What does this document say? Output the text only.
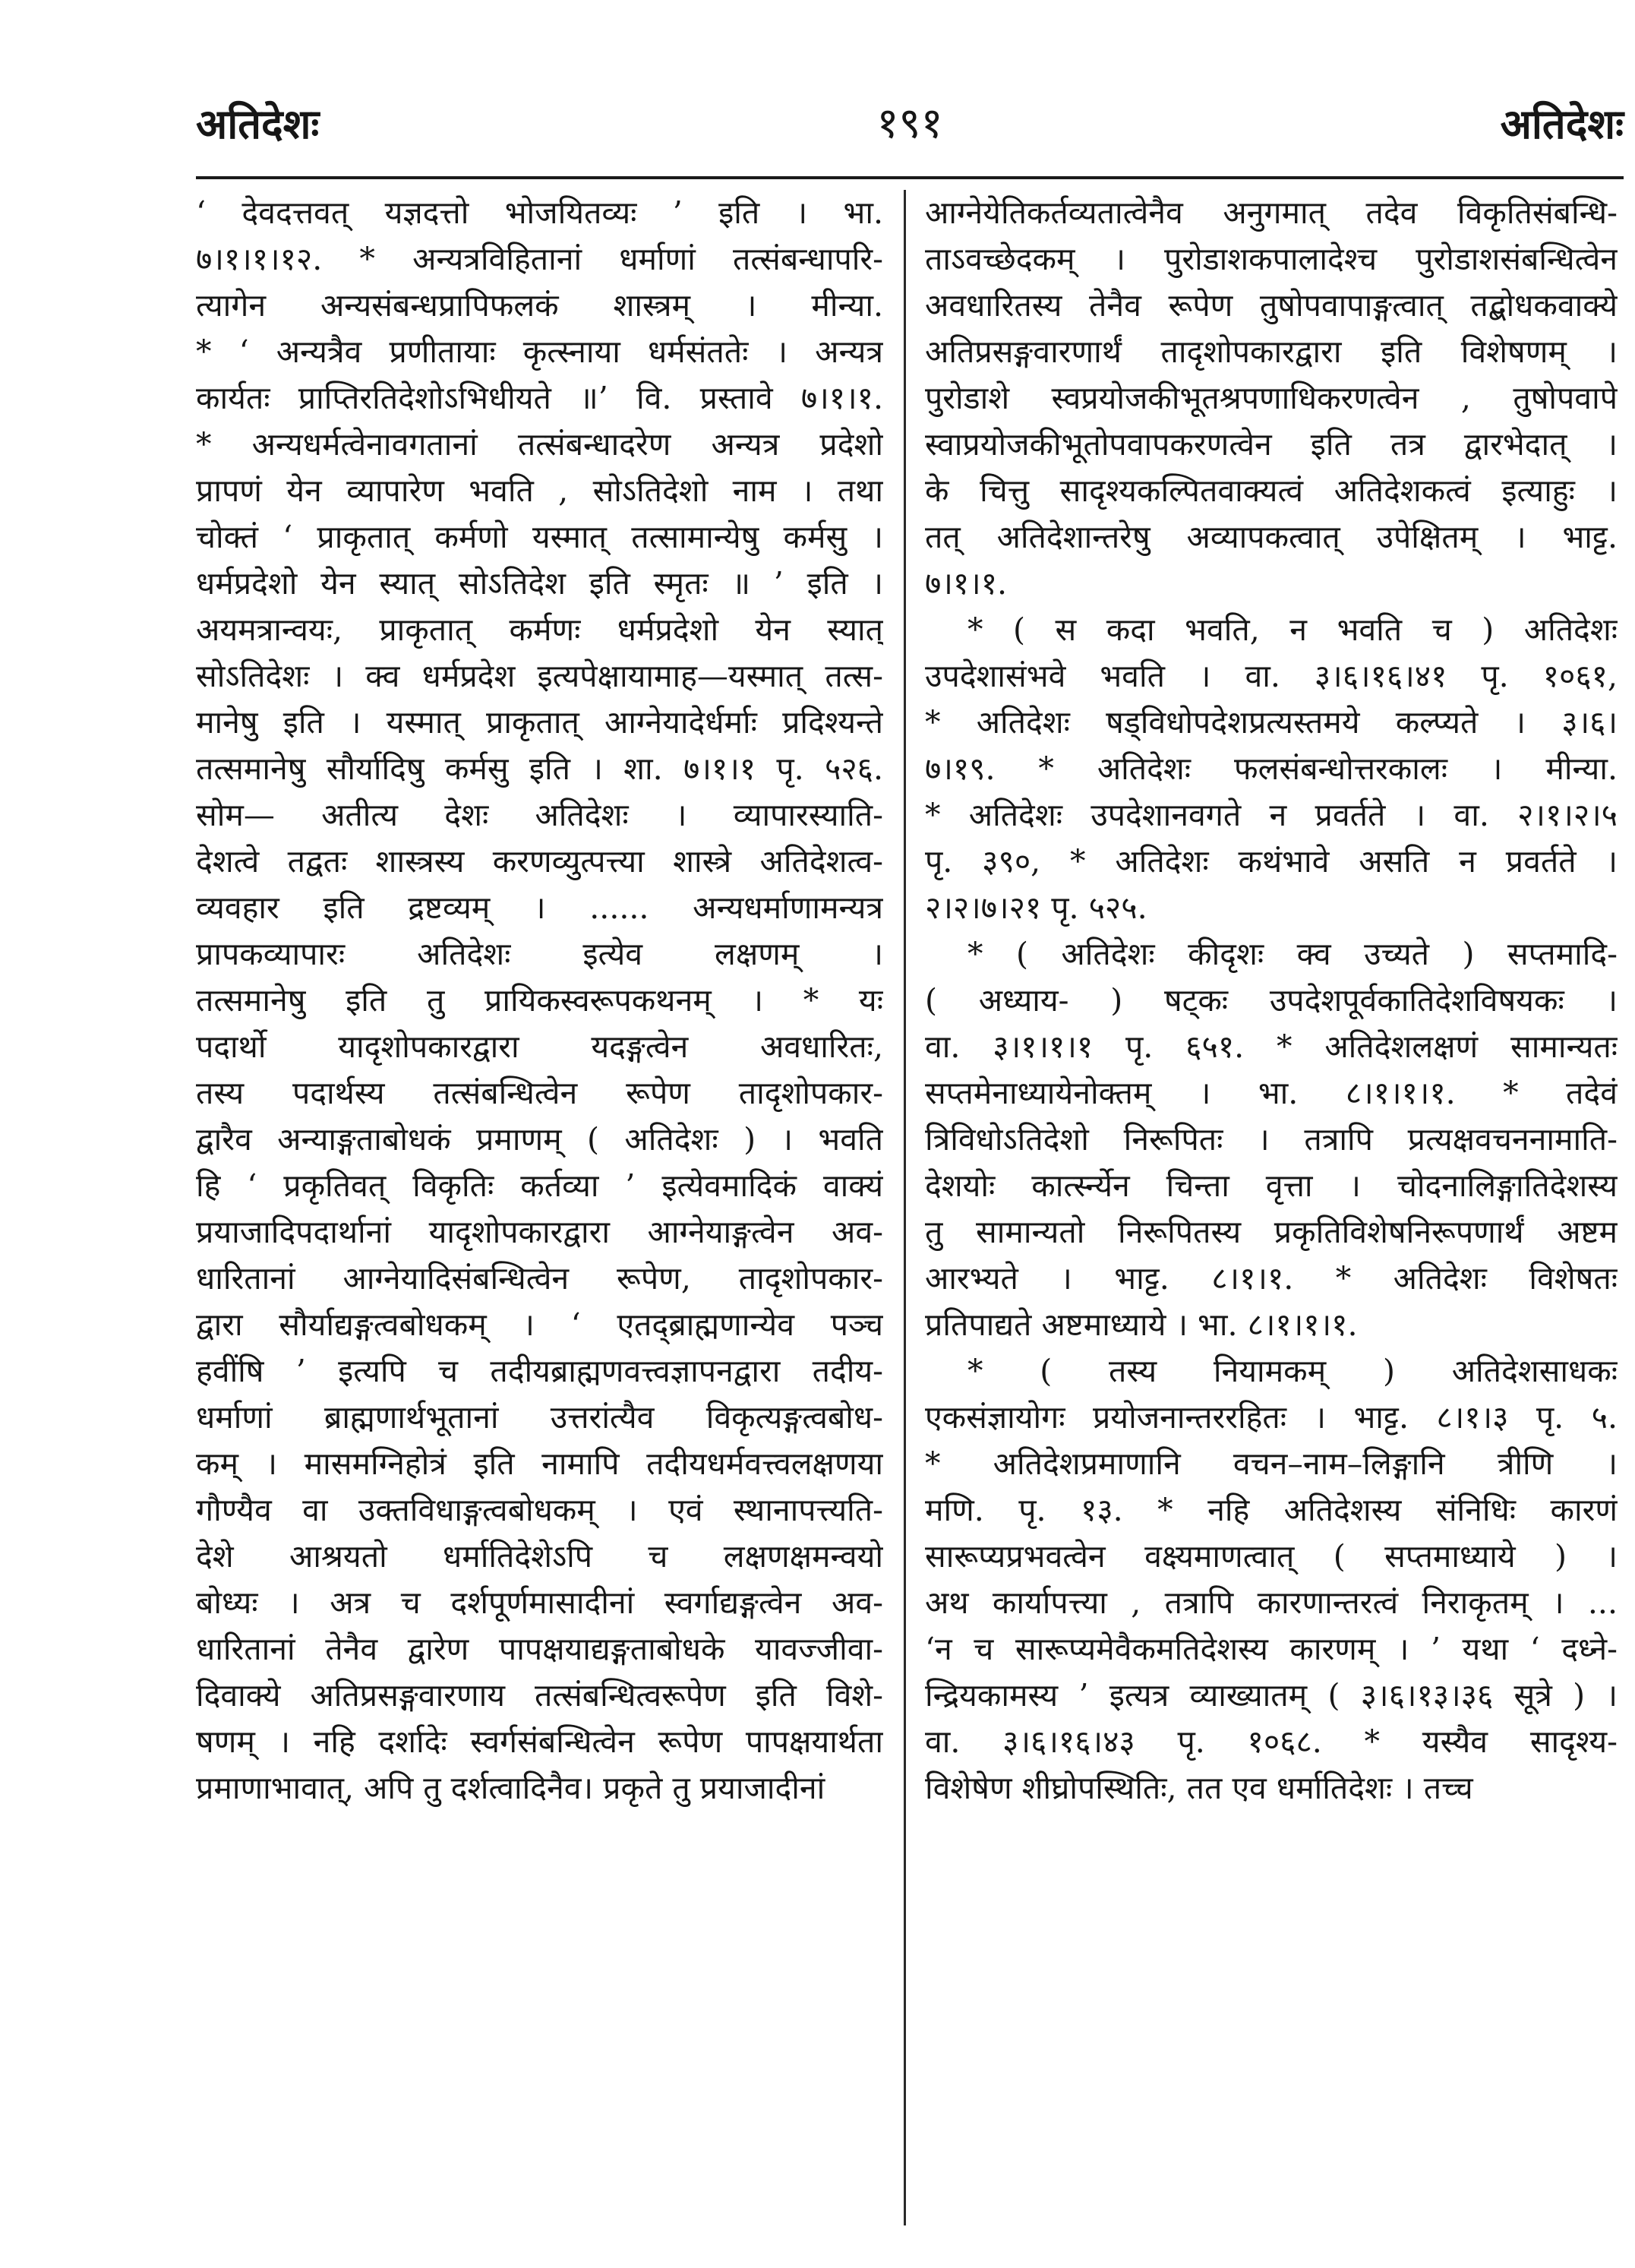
अतिदेशः	१९१	अतिदेशः
‘ देवदत्तवत् यज्ञदत्तो भोजयितव्यः ’ इति । भा.
७।१।१।१२. * अन्यत्रविहितानां धर्माणां तत्संबन्धापरि-
त्यागेन अन्यसंबन्धप्रापिफलकं शास्त्रम् । मीन्या.
* ‘ अन्यत्रैव प्रणीतायाः कृत्स्नाया धर्मसंततेः । अन्यत्र
कार्यतः प्राप्तिरतिदेशोऽभिधीयते ॥’ वि. प्रस्तावे ७।१।१.
* अन्यधर्मत्वेनावगतानां तत्संबन्धादरेण अन्यत्र प्रदेशो
प्रापणं येन व्यापारेण भवति , सोऽतिदेशो नाम । तथा
चोक्तं ‘ प्राकृतात् कर्मणो यस्मात् तत्सामान्येषु कर्मसु ।
धर्मप्रदेशो येन स्यात् सोऽतिदेश इति स्मृतः ॥ ’ इति ।
अयमत्रान्वयः, प्राकृतात् कर्मणः धर्मप्रदेशो येन स्यात्
सोऽतिदेशः । क्व धर्मप्रदेश इत्यपेक्षायामाह—यस्मात् तत्स-
मानेषु इति । यस्मात् प्राकृतात् आग्नेयादेर्धर्माः प्रदिश्यन्ते
तत्समानेषु सौर्यादिषु कर्मसु इति । शा. ७।१।१ पृ. ५२६.
सोम— अतीत्य देशः अतिदेशः । व्यापारस्याति-
देशत्वे तद्वतः शास्त्रस्य करणव्युत्पत्त्या शास्त्रे अतिदेशत्व-
व्यवहार इति द्रष्टव्यम् । ...... अन्यधर्माणामन्यत्र
प्रापकव्यापारः अतिदेशः इत्येव लक्षणम् ।
तत्समानेषु इति तु प्रायिकस्वरूपकथनम् । * यः
पदार्थो यादृशोपकारद्वारा यदङ्गत्वेन अवधारितः,
तस्य पदार्थस्य तत्संबन्धित्वेन रूपेण तादृशोपकार-
द्वारैव अन्याङ्गताबोधकं प्रमाणम् ( अतिदेशः ) । भवति
हि ‘ प्रकृतिवत् विकृतिः कर्तव्या ’ इत्येवमादिकं वाक्यं
प्रयाजादिपदार्थानां यादृशोपकारद्वारा आग्नेयाङ्गत्वेन अव-
धारितानां आग्नेयादिसंबन्धित्वेन रूपेण, तादृशोपकार-
द्वारा सौर्याद्यङ्गत्वबोधकम् । ‘ एतद्ब्राह्मणान्येव पञ्च
हवींषि ’ इत्यपि च तदीयब्राह्मणवत्त्वज्ञापनद्वारा तदीय-
धर्माणां ब्राह्मणार्थभूतानां उत्तरांत्यैव विकृत्यङ्गत्वबोध-
कम् । मासमग्निहोत्रं इति नामापि तदीयधर्मवत्त्वलक्षणया
गौण्यैव वा उक्तविधाङ्गत्वबोधकम् । एवं स्थानापत्त्यति-
देशे आश्रयतो धर्मातिदेशेऽपि च लक्षणक्षमन्वयो
बोध्यः । अत्र च दर्शपूर्णमासादीनां स्वर्गाद्यङ्गत्वेन अव-
धारितानां तेनैव द्वारेण पापक्षयाद्यङ्गताबोधके यावज्जीवा-
दिवाक्ये अतिप्रसङ्गवारणाय तत्संबन्धित्वरूपेण इति विशे-
षणम् । नहि दर्शादेः स्वर्गसंबन्धित्वेन रूपेण पापक्षयार्थता
प्रमाणाभावात्, अपि तु दर्शत्वादिनैव। प्रकृते तु प्रयाजादीनां
आग्नेयेतिकर्तव्यतात्वेनैव अनुगमात् तदेव विकृतिसंबन्धि-
ताऽवच्छेदकम् । पुरोडाशकपालादेश्च पुरोडाशसंबन्धित्वेन
अवधारितस्य तेनैव रूपेण तुषोपवापाङ्गत्वात् तद्बोधकवाक्ये
अतिप्रसङ्गवारणार्थं तादृशोपकारद्वारा इति विशेषणम् ।
पुरोडाशे स्वप्रयोजकीभूतश्रपणाधिकरणत्वेन , तुषोपवापे
स्वाप्रयोजकीभूतोपवापकरणत्वेन इति तत्र द्वारभेदात् ।
के चित्तु सादृश्यकल्पितवाक्यत्वं अतिदेशकत्वं इत्याहुः ।
तत् अतिदेशान्तरेषु अव्यापकत्वात् उपेक्षितम् । भाट्ट.
७।१।१.
* ( स कदा भवति, न भवति च ) अतिदेशः
उपदेशासंभवे भवति । वा. ३।६।१६।४१ पृ. १०६१,
* अतिदेशः षड्विधोपदेशप्रत्यस्तमये कल्प्यते । ३।६।
७।१९. * अतिदेशः फलसंबन्धोत्तरकालः । मीन्या.
* अतिदेशः उपदेशानवगते न प्रवर्तते । वा. २।१।२।५
पृ. ३९०, * अतिदेशः कथंभावे असति न प्रवर्तते ।
२।२।७।२१ पृ. ५२५.
* ( अतिदेशः कीदृशः क्व उच्यते ) सप्तमादि-
( अध्याय- ) षट्कः उपदेशपूर्वकातिदेशविषयकः ।
वा. ३।१।१।१ पृ. ६५१. * अतिदेशलक्षणं सामान्यतः
सप्तमेनाध्यायेनोक्तम् । भा. ८।१।१।१. * तदेवं
त्रिविधोऽतिदेशो निरूपितः । तत्रापि प्रत्यक्षवचननामाति-
देशयोः कार्त्स्न्येन चिन्ता वृत्ता । चोदनालिङ्गातिदेशस्य
तु सामान्यतो निरूपितस्य प्रकृतिविशेषनिरूपणार्थं अष्टम
आरभ्यते । भाट्ट. ८।१।१. * अतिदेशः विशेषतः
प्रतिपाद्यते अष्टमाध्याये । भा. ८।१।१।१.
* ( तस्य नियामकम् ) अतिदेशसाधकः
एकसंज्ञायोगः प्रयोजनान्तररहितः । भाट्ट. ८।१।३ पृ. ५.
* अतिदेशप्रमाणानि वचन–नाम–लिङ्गानि त्रीणि ।
मणि. पृ. १३. * नहि अतिदेशस्य संनिधिः कारणं
सारूप्यप्रभवत्वेन वक्ष्यमाणत्वात् ( सप्तमाध्याये ) ।
अथ कार्यापत्त्या , तत्रापि कारणान्तरत्वं निराकृतम् । ...
‘न च सारूप्यमेवैकमतिदेशस्य कारणम् । ’ यथा ‘ दध्ने-
न्द्रियकामस्य ’ इत्यत्र व्याख्यातम् ( ३।६।१३।३६ सूत्रे ) ।
वा. ३।६।१६।४३ पृ. १०६८. * यस्यैव सादृश्य-
विशेषेण शीघ्रोपस्थितिः, तत एव धर्मातिदेशः । तच्च
